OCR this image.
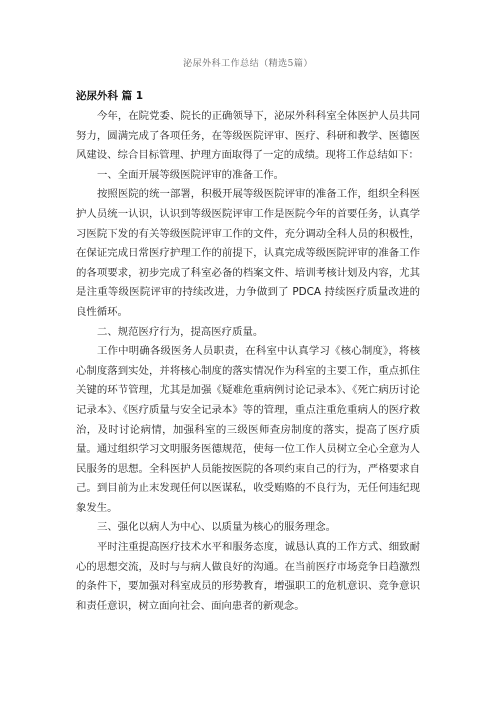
泌尿外科工作总结（精选5篇）
泌尿外科 篇 1

今年，在院党委、院长的正确领导下，泌尿外科科室全体医护人员共同努力，圆满完成了各项任务，在等级医院评审、医疗、科研和教学、医德医风建设、综合目标管理、护理方面取得了一定的成绩。现将工作总结如下：

一、全面开展等级医院评审的准备工作。

按照医院的统一部署，积极开展等级医院评审的准备工作，组织全科医护人员统一认识，认识到等级医院评审工作是医院今年的首要任务，认真学习医院下发的有关等级医院评审工作的文件，充分调动全科人员的积极性，在保证完成日常医疗护理工作的前提下，认真完成等级医院评审的准备工作的各项要求，初步完成了科室必备的档案文件、培训考核计划及内容，尤其是注重等级医院评审的持续改进，力争做到了 PDCA 持续医疗质量改进的良性循环。

二、规范医疗行为，提高医疗质量。

工作中明确各级医务人员职责，在科室中认真学习《核心制度》，将核心制度落到实处，并将核心制度的落实情况作为科室的主要工作，重点抓住关键的环节管理，尤其是加强《疑难危重病例讨论记录本》、《死亡病历讨论记录本》、《医疗质量与安全记录本》等的管理，重点注重危重病人的医疗救治，及时讨论病情，加强科室的三级医师查房制度的落实，提高了医疗质量。通过组织学习文明服务医德规范，使每一位工作人员树立全心全意为人民服务的思想。全科医护人员能按医院的各项约束自己的行为，严格要求自己。到目前为止末发现任何以医谋私，收受贿赂的不良行为，无任何违纪现象发生。

三、强化以病人为中心、以质量为核心的服务理念。

平时注重提高医疗技术水平和服务态度，诚恳认真的工作方式、细致耐心的思想交流，及时与与病人做良好的沟通。在当前医疗市场竞争日趋激烈的条件下，要加强对科室成员的形势教育，增强职工的危机意识、竞争意识和责任意识，树立面向社会、面向患者的新观念。
